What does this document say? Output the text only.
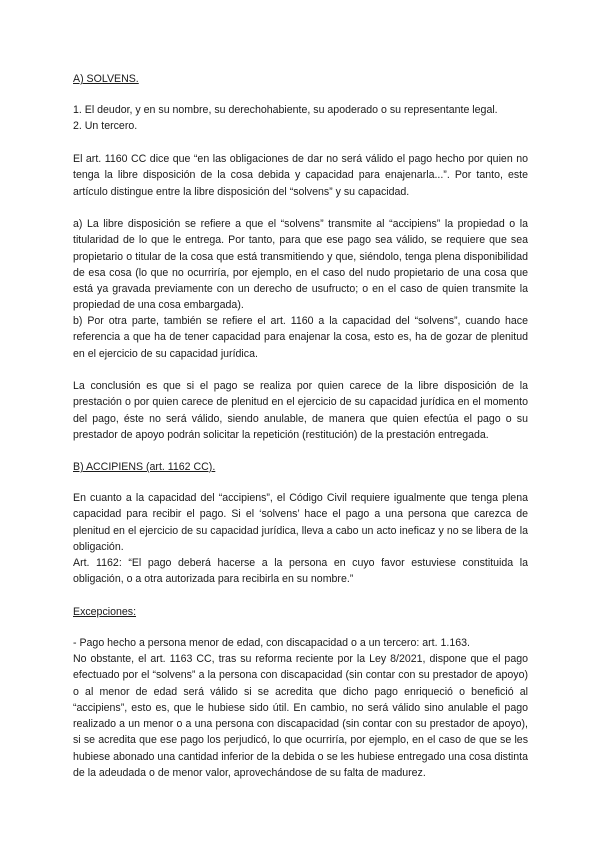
A) SOLVENS.

1. El deudor, y en su nombre, su derechohabiente, su apoderado o su representante legal.
2. Un tercero.

El art. 1160 CC dice que “en las obligaciones de dar no será válido el pago hecho por quien no tenga la libre disposición de la cosa debida y capacidad para enajenarla...”. Por tanto, este artículo distingue entre la libre disposición del “solvens” y su capacidad.

a) La libre disposición se refiere a que el “solvens” transmite al “accipiens” la propiedad o la titularidad de lo que le entrega. Por tanto, para que ese pago sea válido, se requiere que sea propietario o titular de la cosa que está transmitiendo y que, siéndolo, tenga plena disponibilidad de esa cosa (lo que no ocurriría, por ejemplo, en el caso del nudo propietario de una cosa que está ya gravada previamente con un derecho de usufructo; o en el caso de quien transmite la propiedad de una cosa embargada).

b) Por otra parte, también se refiere el art. 1160 a la capacidad del “solvens”, cuando hace referencia a que ha de tener capacidad para enajenar la cosa, esto es, ha de gozar de plenitud en el ejercicio de su capacidad jurídica.

La conclusión es que si el pago se realiza por quien carece de la libre disposición de la prestación o por quien carece de plenitud en el ejercicio de su capacidad jurídica en el momento del pago, éste no será válido, siendo anulable, de manera que quien efectúa el pago o su prestador de apoyo podrán solicitar la repetición (restitución) de la prestación entregada.

B) ACCIPIENS (art. 1162 CC).

En cuanto a la capacidad del “accipiens”, el Código Civil requiere igualmente que tenga plena capacidad para recibir el pago. Si el ‘solvens’ hace el pago a una persona que carezca de plenitud en el ejercicio de su capacidad jurídica, lleva a cabo un acto ineficaz y no se libera de la obligación.

Art. 1162: “El pago deberá hacerse a la persona en cuyo favor estuviese constituida la obligación, o a otra autorizada para recibirla en su nombre.”

Excepciones:

- Pago hecho a persona menor de edad, con discapacidad o a un tercero: art. 1.163.

No obstante, el art. 1163 CC, tras su reforma reciente por la Ley 8/2021, dispone que el pago efectuado por el “solvens” a la persona con discapacidad (sin contar con su prestador de apoyo) o al menor de edad será válido si se acredita que dicho pago enriqueció o benefició al “accipiens”, esto es, que le hubiese sido útil. En cambio, no será válido sino anulable el pago realizado a un menor o a una persona con discapacidad (sin contar con su prestador de apoyo), si se acredita que ese pago los perjudicó, lo que ocurriría, por ejemplo, en el caso de que se les hubiese abonado una cantidad inferior de la debida o se les hubiese entregado una cosa distinta de la adeudada o de menor valor, aprovechándose de su falta de madurez.
